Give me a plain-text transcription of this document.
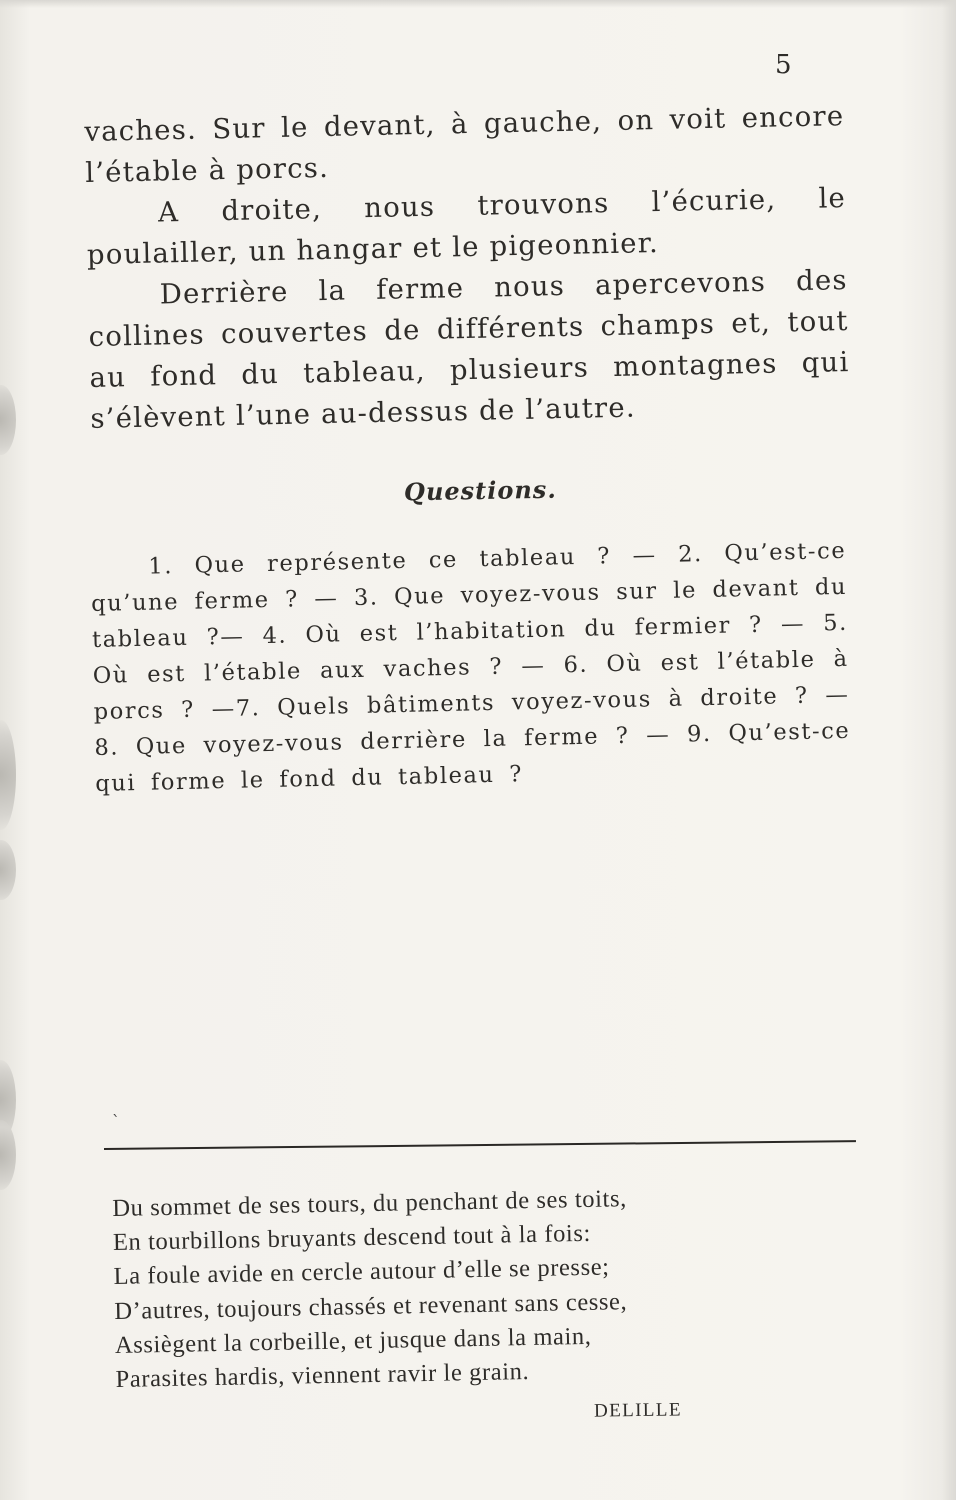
5

vaches. Sur le devant, à gauche, on voit encore l’étable à porcs.

A droite, nous trouvons l’écurie, le poulailler, un hangar et le pigeonnier.

Derrière la ferme nous apercevons des collines couvertes de différents champs et, tout au fond du tableau, plusieurs montagnes qui s’élèvent l’une au-dessus de l’autre.

Questions.

1. Que représente ce tableau ? — 2. Qu’est-ce qu’une ferme ? — 3. Que voyez-vous sur le devant du tableau ?— 4. Où est l’habitation du fermier ? — 5. Où est l’étable aux vaches ? — 6. Où est l’étable à porcs ? —7. Quels bâtiments voyez-vous à droite ? — 8. Que voyez-vous derrière la ferme ? — 9. Qu’est-ce qui forme le fond du tableau ?

ˋ
Du sommet de ses tours, du penchant de ses toits,
En tourbillons bruyants descend tout à la fois:
La foule avide en cercle autour d’elle se presse;
D’autres, toujours chassés et revenant sans cesse,
Assiègent la corbeille, et jusque dans la main,
Parasites hardis, viennent ravir le grain.
DELILLE
